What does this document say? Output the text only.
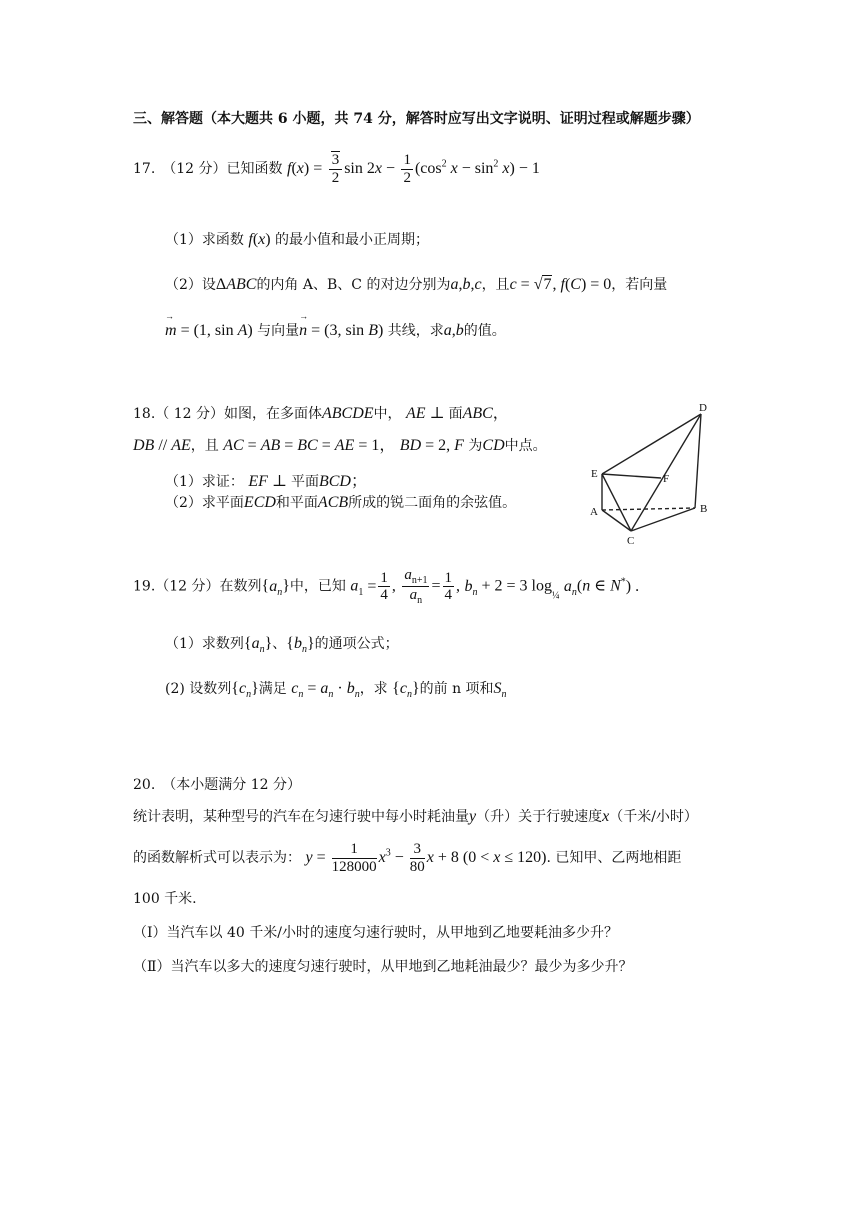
三、解答题（本大题共 6 小题，共 74 分，解答时应写出文字说明、证明过程或解题步骤）
17.　（12 分）已知函数 $f(x) = \frac{3}{2}$ $\sin 2x - \frac{1}{2} (\cos^2$ $x - \sin^2 x) - 1$
（1）求函数 f(x) 的最小值和最小正周期；
（2）设ΔABC的内角 A、B、C 的对边分别为a,b,c，且c = √7, f(C) = 0，若向量
→ m = (1, sin A) 与向量→ n = (3, sin B) 共线，求a,b的值。
18.（ 12 分）如图，在多面体ABCDE中， AE ⊥ 面ABC，
DB // AE，且 AC = AB = BC = AE = 1， BD = 2, F 为CD中点。
（1）求证： EF ⊥ 平面BCD；
（2）求平面ECD和平面ACB所成的锐二面角的余弦值。
D
E	F
A	B
C
19.（12 分）在数列$\{a_n\}$中，已知 $a_1 = \frac{1}{4}$ , $\frac{a_{n+1}}{a_n} = \frac{1}{4}$ , $b_n + 2 = 3$ $\log_{\frac{1}{4}} a_n(n$ ∈ N*) .
（1）求数列$\{a_n\}$、$\{b_n\}$的通项公式；
(2) 设数列$\{c_n\}$满足 $c_n = a_n \cdot b_n$，求 $\{c_n\}$的前 n 项和$S_n$
20.　（本小题满分 12 分）
统计表明，某种型号的汽车在匀速行驶中每小时耗油量y（升）关于行驶速度x（千米/小时）
的函数解析式可以表示为： $y = \frac{1}{128000} x^3 - \frac{3}{80}$ x + 8 (0 < x ≤ 120). 已知甲、乙两地相距
100 千米.
（Ⅰ）当汽车以 40 千米/小时的速度匀速行驶时，从甲地到乙地要耗油多少升？
（Ⅱ）当汽车以多大的速度匀速行驶时，从甲地到乙地耗油最少？最少为多少升？
